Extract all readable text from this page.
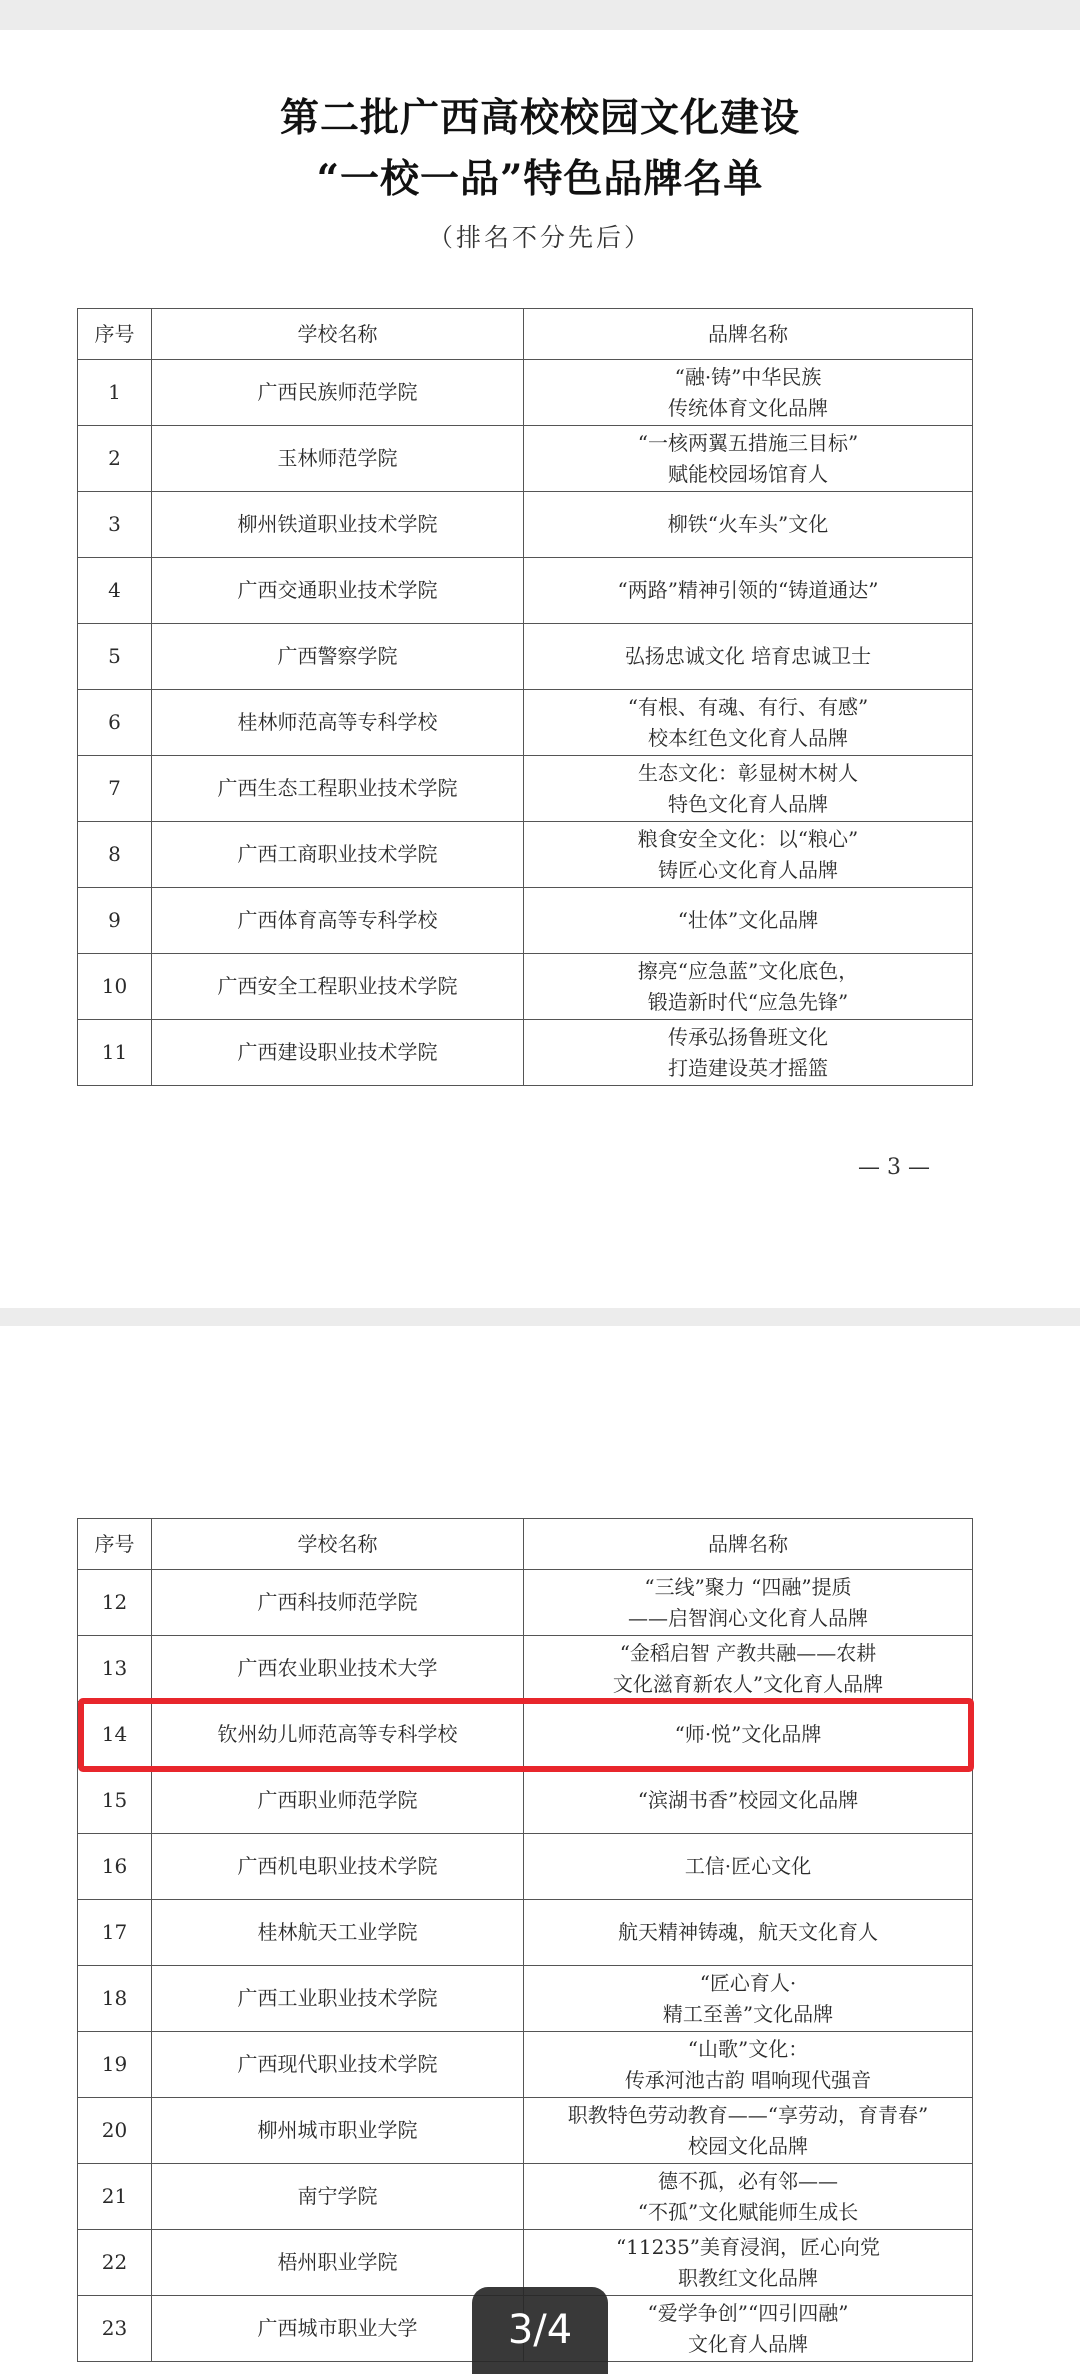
第二批广西高校校园文化建设
“一校一品”特色品牌名单
（排名不分先后）
序号	学校名称	品牌名称
1	广西民族师范学院	“融·铸”中华民族
传统体育文化品牌

2	玉林师范学院	“一核两翼五措施三目标”
赋能校园场馆育人

3	柳州铁道职业技术学院	柳铁“火车头”文化

4	广西交通职业技术学院	“两路”精神引领的“铸道通达”

5	广西警察学院	弘扬忠诚文化 培育忠诚卫士

6	桂林师范高等专科学校	“有根、有魂、有行、有感”
校本红色文化育人品牌

7	广西生态工程职业技术学院	生态文化：彰显树木树人
特色文化育人品牌

8	广西工商职业技术学院	粮食安全文化：以“粮心”
铸匠心文化育人品牌

9	广西体育高等专科学校	“壮体”文化品牌

10	广西安全工程职业技术学院	擦亮“应急蓝”文化底色，
锻造新时代“应急先锋”

11	广西建设职业技术学院	传承弘扬鲁班文化
打造建设英才摇篮
— 3 —
序号	学校名称	品牌名称
12	广西科技师范学院	“三线”聚力 “四融”提质
——启智润心文化育人品牌

13	广西农业职业技术大学	“金稻启智 产教共融——农耕
文化滋育新农人”文化育人品牌

14	钦州幼儿师范高等专科学校	“师·悦”文化品牌

15	广西职业师范学院	“滨湖书香”校园文化品牌

16	广西机电职业技术学院	工信·匠心文化

17	桂林航天工业学院	航天精神铸魂，航天文化育人

18	广西工业职业技术学院	“匠心育人·
精工至善”文化品牌

19	广西现代职业技术学院	“山歌”文化：
传承河池古韵 唱响现代强音

20	柳州城市职业学院	职教特色劳动教育——“享劳动，育青春”
校园文化品牌

21	南宁学院	德不孤，必有邻——
“不孤”文化赋能师生成长

22	梧州职业学院	“11235”美育浸润，匠心向党
职教红文化品牌

23	广西城市职业大学	“爱学争创”“四引四融”
文化育人品牌
3/4
